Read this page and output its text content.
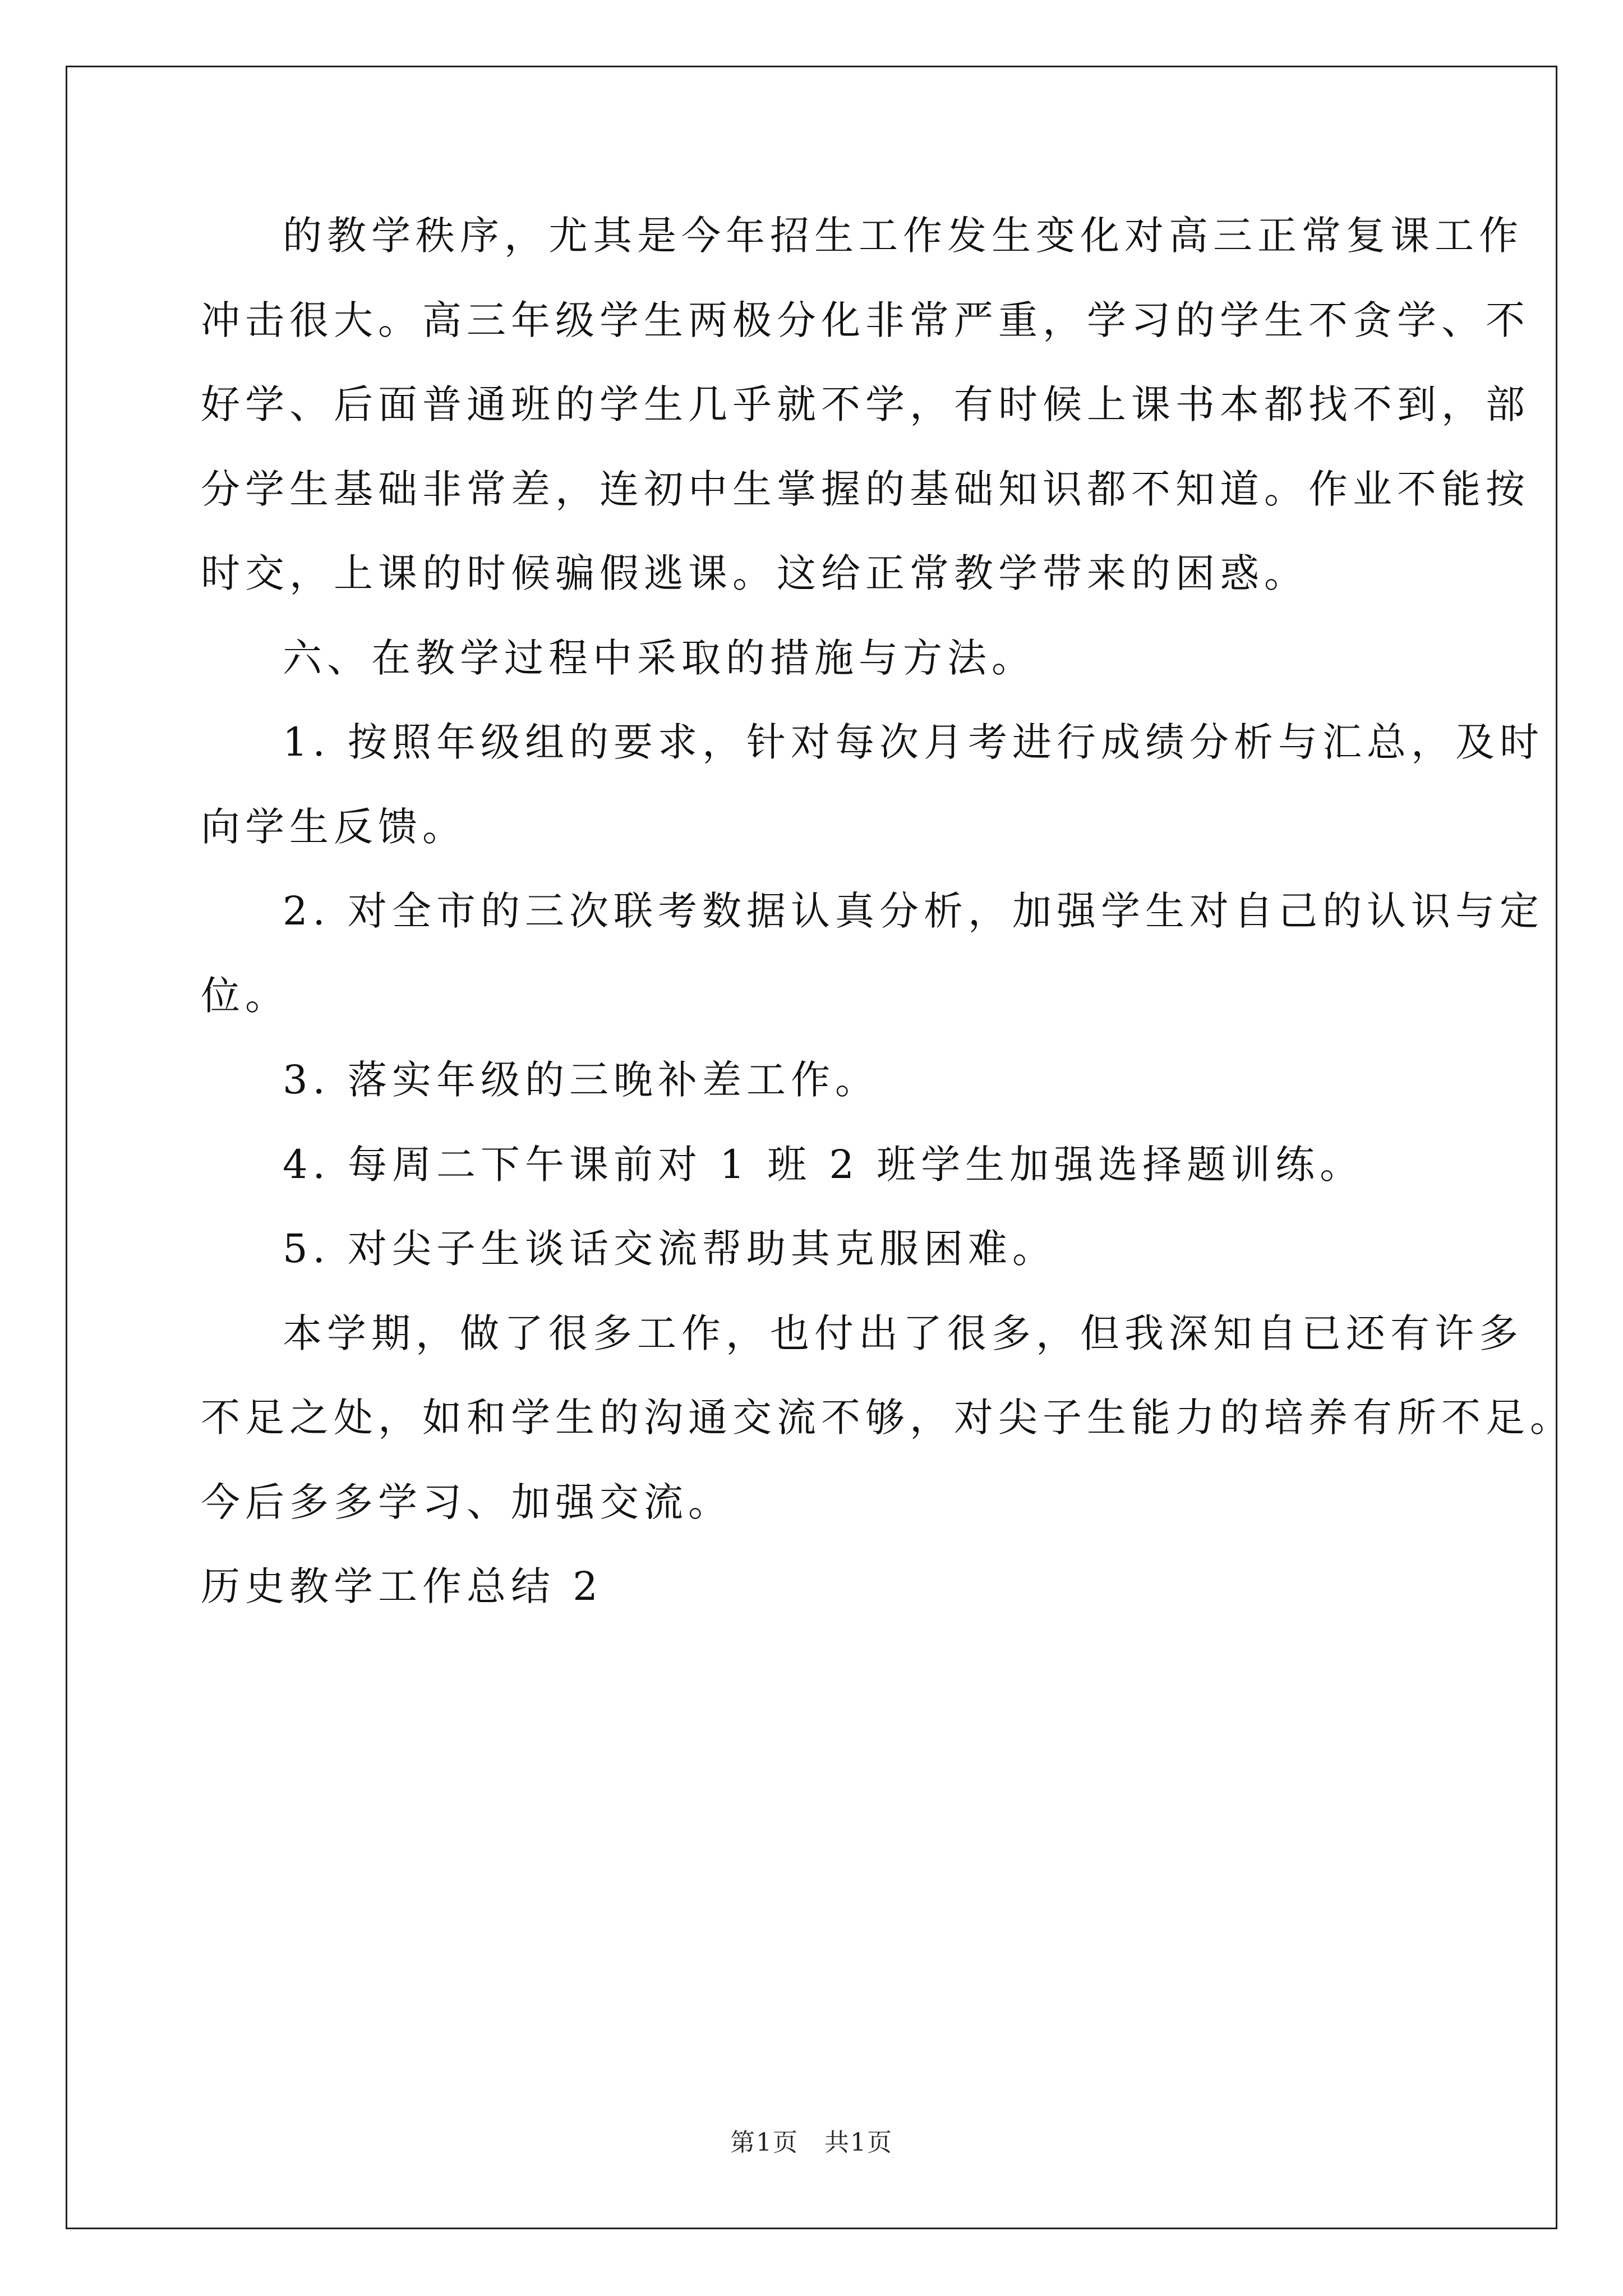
的教学秩序，尤其是今年招生工作发生变化对高三正常复课工作
冲击很大。高三年级学生两极分化非常严重，学习的学生不贪学、不
好学、后面普通班的学生几乎就不学，有时候上课书本都找不到，部
分学生基础非常差，连初中生掌握的基础知识都不知道。作业不能按
时交，上课的时候骗假逃课。这给正常教学带来的困惑。
六、在教学过程中采取的措施与方法。
1. 按照年级组的要求，针对每次月考进行成绩分析与汇总，及时
向学生反馈。
2. 对全市的三次联考数据认真分析，加强学生对自己的认识与定
位。
3. 落实年级的三晚补差工作。
4. 每周二下午课前对 1 班 2 班学生加强选择题训练。
5. 对尖子生谈话交流帮助其克服困难。
本学期，做了很多工作，也付出了很多，但我深知自已还有许多
不足之处，如和学生的沟通交流不够，对尖子生能力的培养有所不足。
今后多多学习、加强交流。
历史教学工作总结 2
第1页　共1页
